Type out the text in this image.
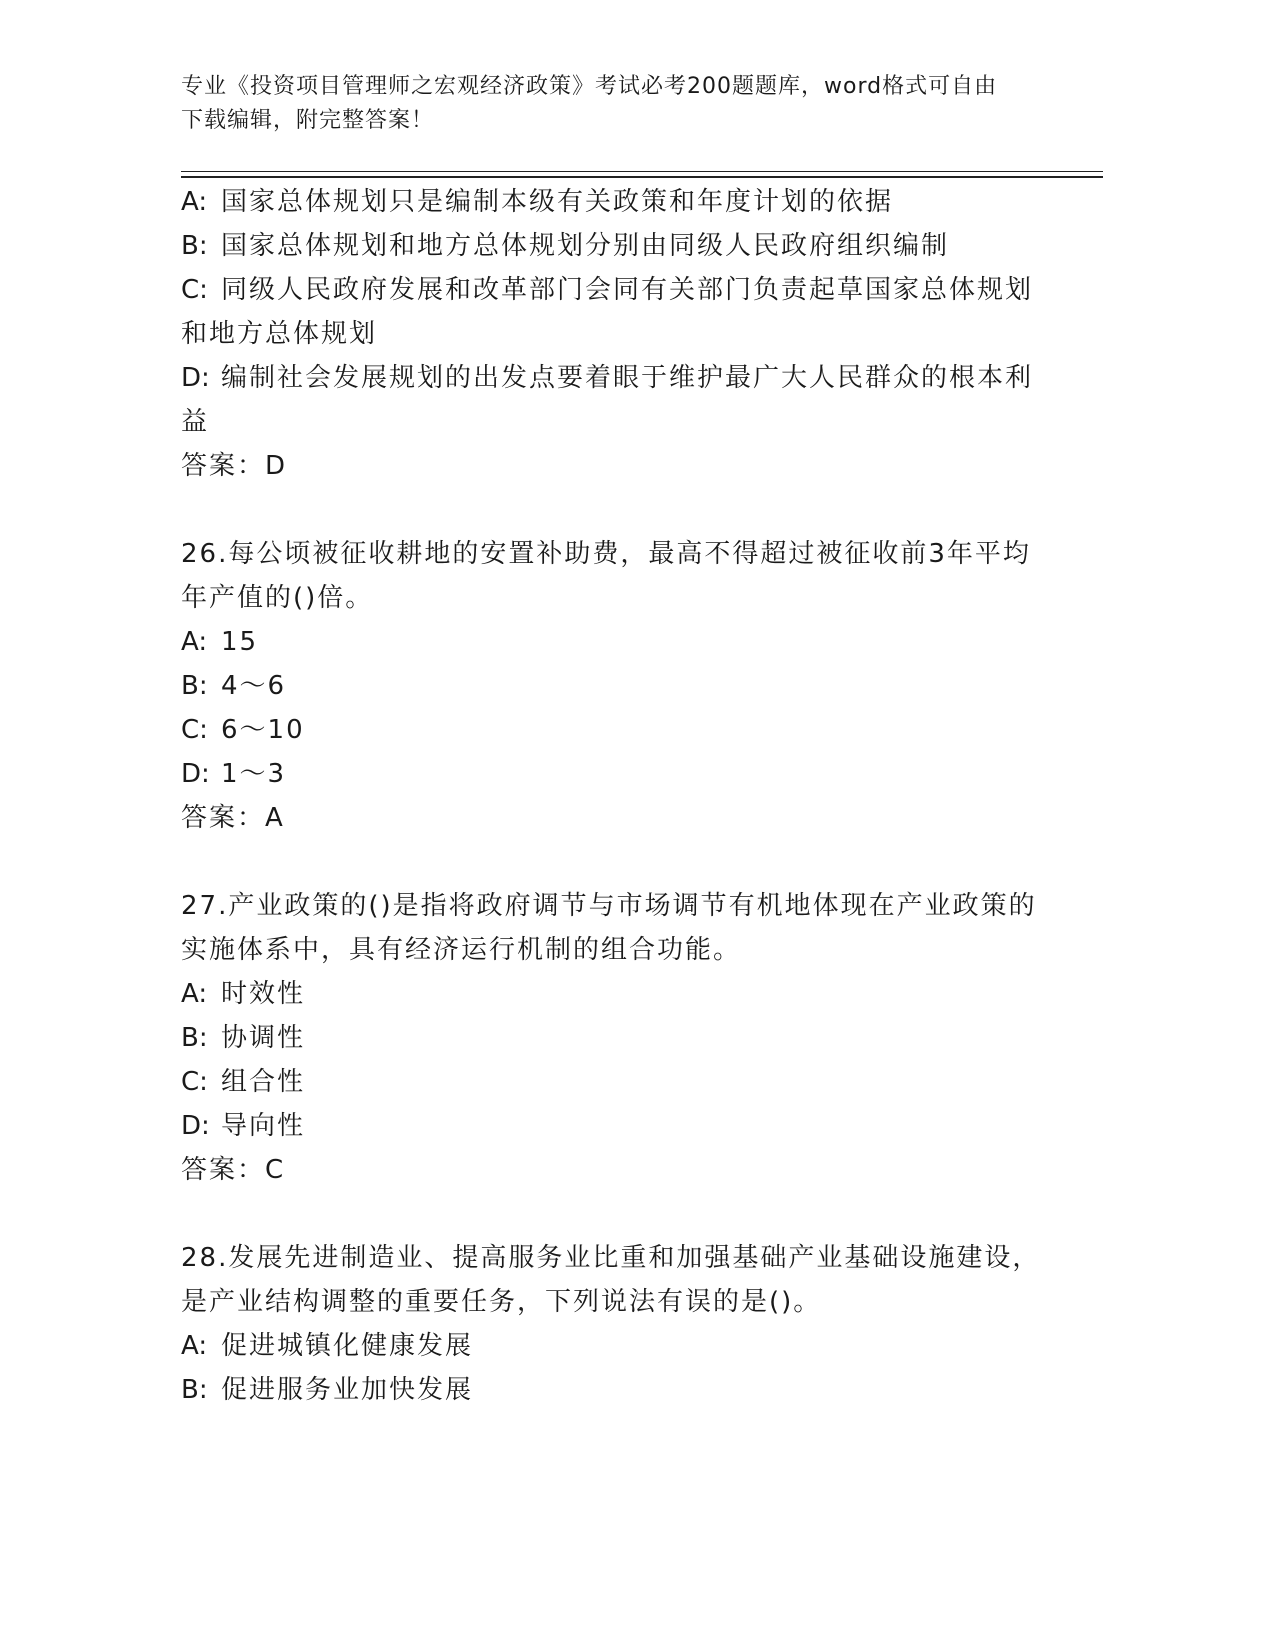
专业《投资项目管理师之宏观经济政策》考试必考200题题库，word格式可自由
下载编辑，附完整答案！
A: 国家总体规划只是编制本级有关政策和年度计划的依据
B: 国家总体规划和地方总体规划分别由同级人民政府组织编制
C: 同级人民政府发展和改革部门会同有关部门负责起草国家总体规划
和地方总体规划
D: 编制社会发展规划的出发点要着眼于维护最广大人民群众的根本利
益
答案：D
26.每公顷被征收耕地的安置补助费，最高不得超过被征收前3年平均
年产值的()倍。
A: 15
B: 4～6
C: 6～10
D: 1～3
答案：A
27.产业政策的()是指将政府调节与市场调节有机地体现在产业政策的
实施体系中，具有经济运行机制的组合功能。
A: 时效性
B: 协调性
C: 组合性
D: 导向性
答案：C
28.发展先进制造业、提高服务业比重和加强基础产业基础设施建设，
是产业结构调整的重要任务，下列说法有误的是()。
A: 促进城镇化健康发展
B: 促进服务业加快发展
